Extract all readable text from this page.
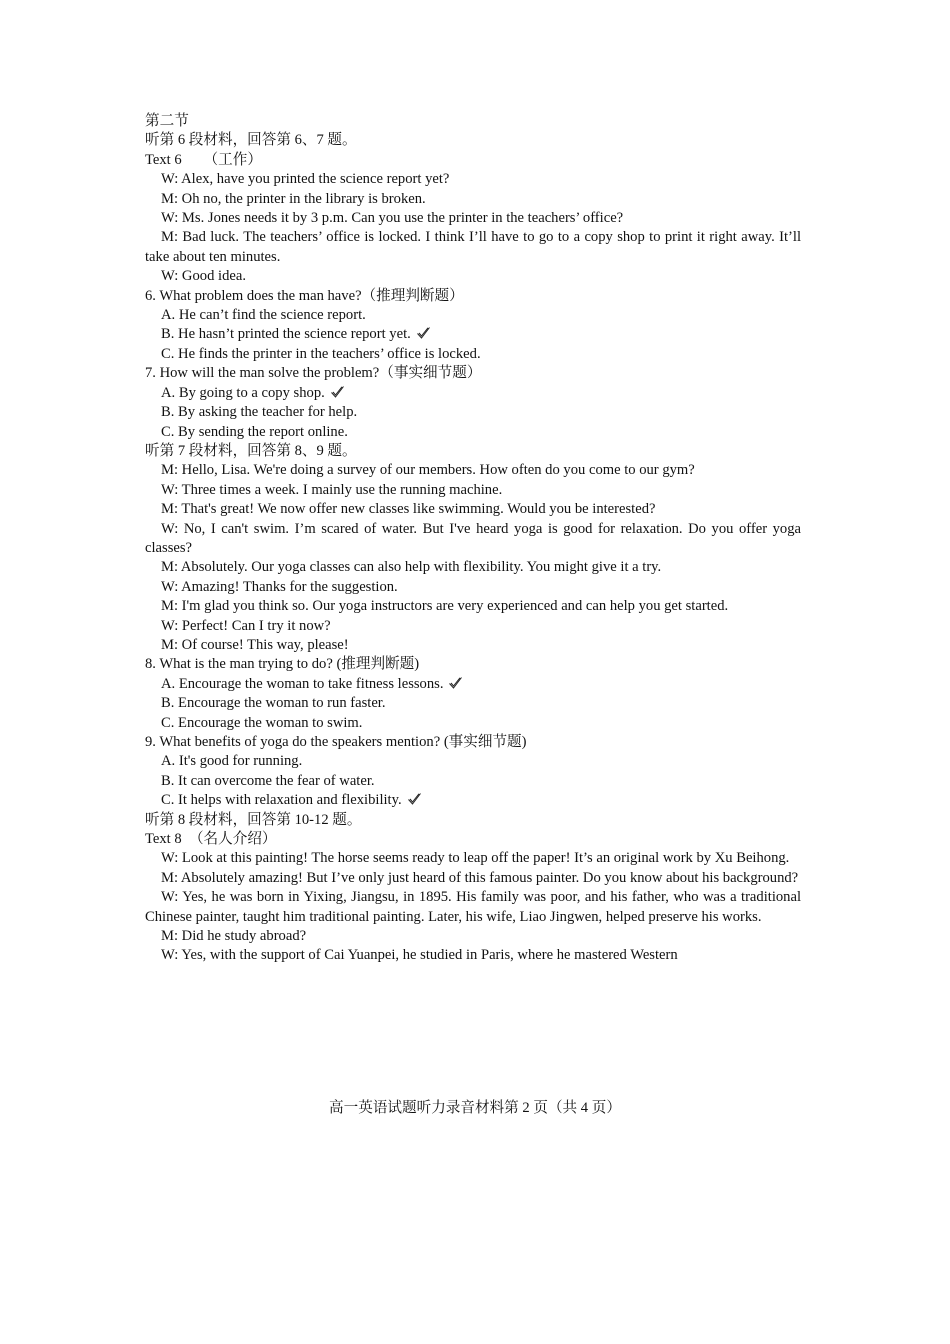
第二节
听第 6 段材料，回答第 6、7 题。
Text 6　　（工作）
W: Alex, have you printed the science report yet?
M: Oh no, the printer in the library is broken.
W: Ms. Jones needs it by 3 p.m. Can you use the printer in the teachers’ office?
M: Bad luck. The teachers’ office is locked. I think I’ll have to go to a copy shop to print it right away. It’ll take about ten minutes.
W: Good idea.
6. What problem does the man have?（推理判断题）
A. He can’t find the science report.
B. He hasn’t printed the science report yet.
C. He finds the printer in the teachers’ office is locked.
7. How will the man solve the problem?（事实细节题）
A. By going to a copy shop.
B. By asking the teacher for help.
C. By sending the report online.
听第 7 段材料，回答第 8、9 题。
M: Hello, Lisa. We're doing a survey of our members. How often do you come to our gym?
W: Three times a week. I mainly use the running machine.
M: That's great! We now offer new classes like swimming. Would you be interested?
W: No, I can't swim. I’m scared of water. But I've heard yoga is good for relaxation. Do you offer yoga classes?
M: Absolutely. Our yoga classes can also help with flexibility. You might give it a try.
W: Amazing! Thanks for the suggestion.
M: I'm glad you think so. Our yoga instructors are very experienced and can help you get started.
W: Perfect! Can I try it now?
M: Of course! This way, please!
8. What is the man trying to do? (推理判断题)
A. Encourage the woman to take fitness lessons.
B. Encourage the woman to run faster.
C. Encourage the woman to swim.
9. What benefits of yoga do the speakers mention? (事实细节题)
A. It's good for running.
B. It can overcome the fear of water.
C. It helps with relaxation and flexibility.
听第 8 段材料，回答第 10-12 题。
Text 8　（名人介绍）
W: Look at this painting! The horse seems ready to leap off the paper! It’s an original work by Xu Beihong.
M: Absolutely amazing! But I’ve only just heard of this famous painter. Do you know about his background?
W: Yes, he was born in Yixing, Jiangsu, in 1895. His family was poor, and his father, who was a traditional Chinese painter, taught him traditional painting. Later, his wife, Liao Jingwen, helped preserve his works.
M: Did he study abroad?
W: Yes, with the support of Cai Yuanpei, he studied in Paris, where he mastered Western
高一英语试题听力录音材料第 2 页（共 4 页）
